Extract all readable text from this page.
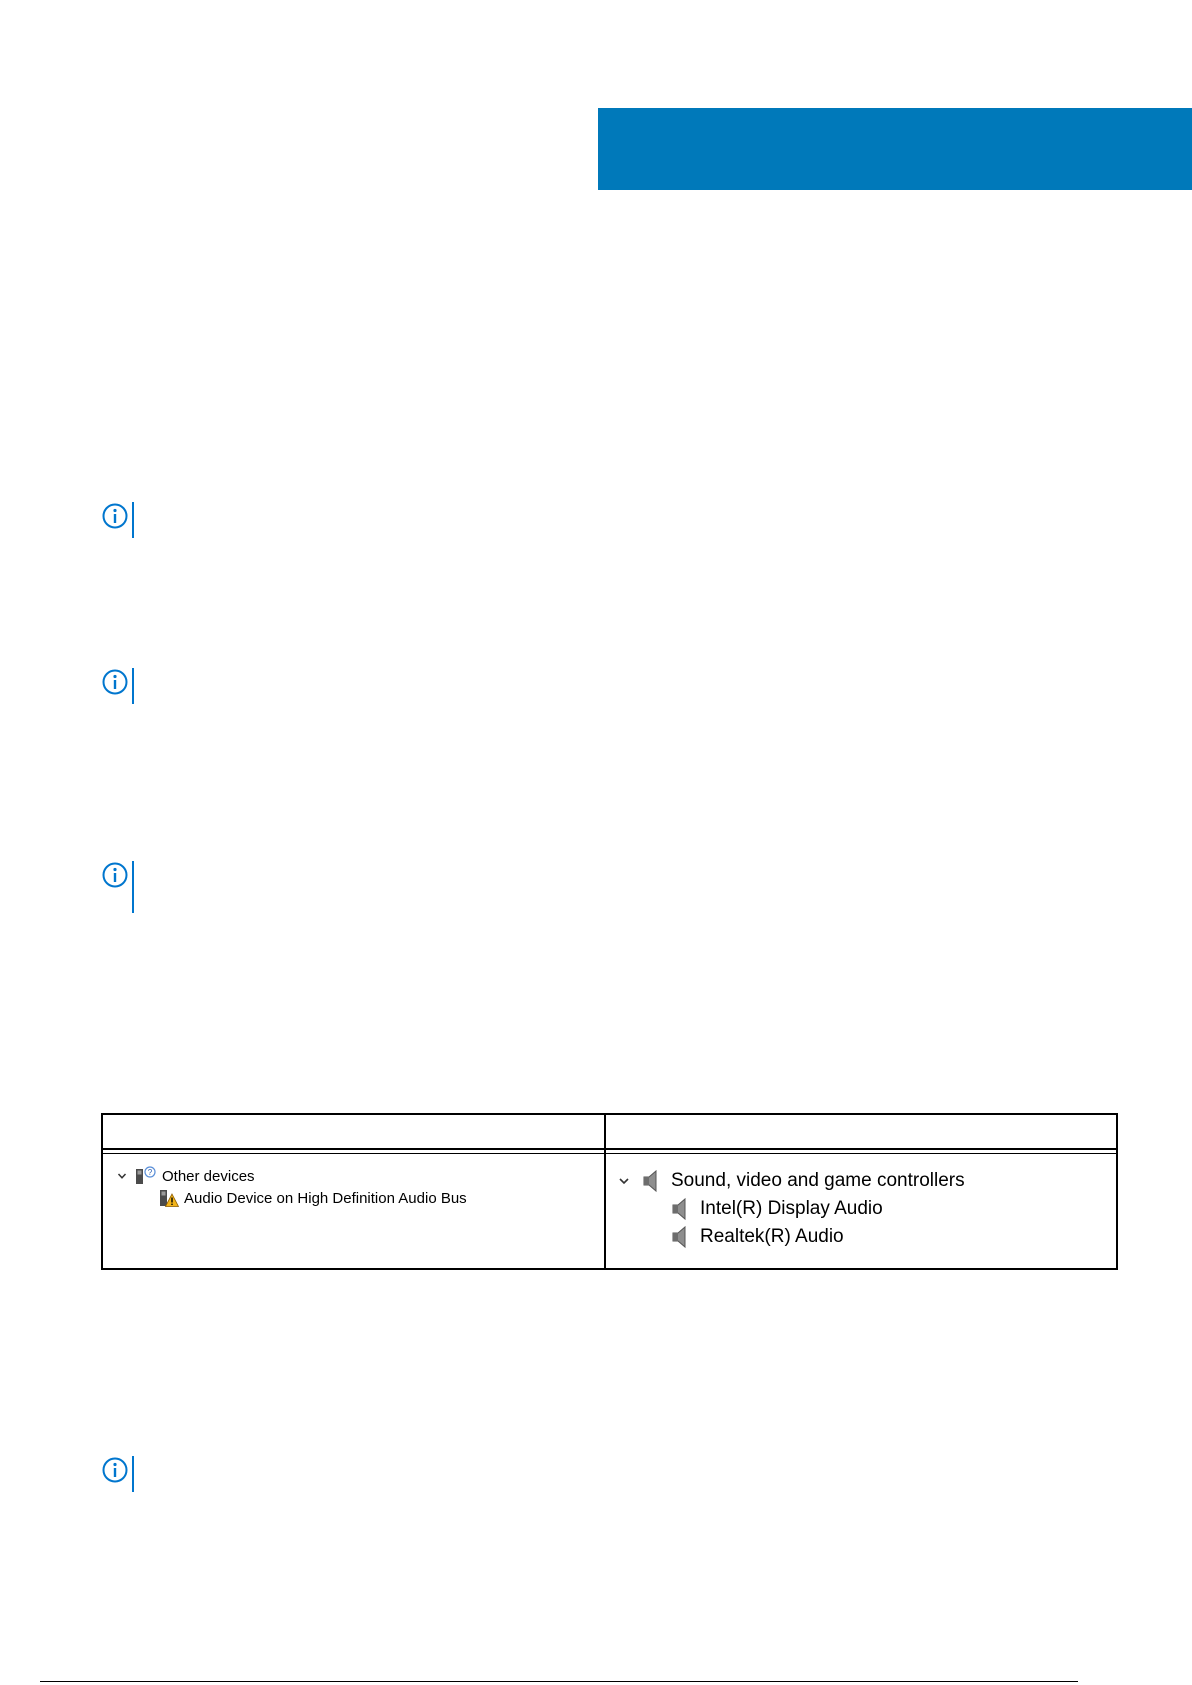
? Other devices
Audio Device on High Definition Audio Bus
Sound, video and game controllers
Intel(R) Display Audio
Realtek(R) Audio
